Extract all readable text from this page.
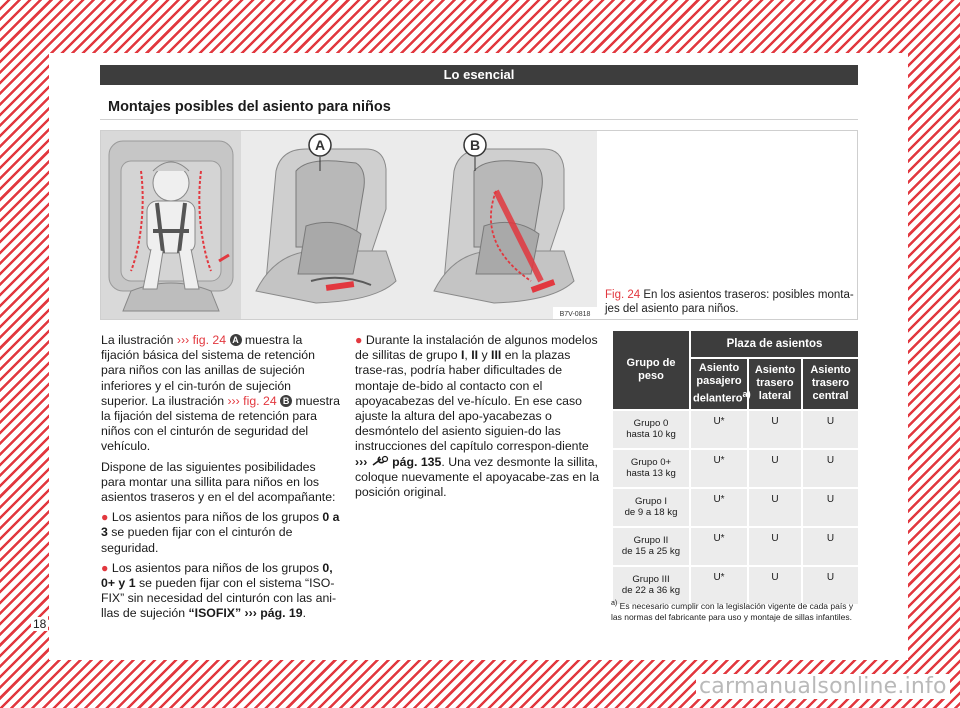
Lo esencial
Montajes posibles del asiento para niños
A	B
B7V-0818
Fig. 24 En los asientos traseros: posibles monta-jes del asiento para niños.

La ilustración ››› fig. 24 A muestra la fijación básica del sistema de retención para niños con las anillas de sujeción inferiores y el cin-turón de sujeción superior. La ilustración ››› fig. 24 B muestra la fijación del sistema de retención para niños con el cinturón de seguridad del vehículo.

Dispone de las siguientes posibilidades para montar una sillita para niños en los asientos traseros y en el del acompañante:

● Los asientos para niños de los grupos 0 a 3 se pueden fijar con el cinturón de seguridad.

● Los asientos para niños de los grupos 0, 0+ y 1 se pueden fijar con el sistema “ISO-FIX” sin necesidad del cinturón con las ani-llas de sujeción “ISOFIX” ››› pág. 19.

● Durante la instalación de algunos modelos de sillitas de grupo I, II y III en la plazas trase-ras, podría haber dificultades de montaje de-bido al contacto con el apoyacabezas del ve-hículo. En ese caso ajuste la altura del apo-yacabezas o desmóntelo del asiento siguien-do las instrucciones del capítulo correspon-diente ›››  pág. 135. Una vez desmonte la sillita, coloque nuevamente el apoyacabe-zas en la posición original.

Grupo de peso	Plaza de asientos		
	Asiento pasajero delantero$^{a)}$	Asiento trasero lateral	Asiento trasero central
Grupo 0
hasta 10 kg	U*	U	U
Grupo 0+
hasta 13 kg	U*	U	U
Grupo I
de 9 a 18 kg	U*	U	U
Grupo II
de 15 a 25 kg	U*	U	U
Grupo III
de 22 a 36 kg	U*	U	U
$^{a)}$ Es necesario cumplir con la legislación vigente de cada país y las normas del fabricante para uso y montaje de sillas infantiles.
18
carmanualsonline.info
